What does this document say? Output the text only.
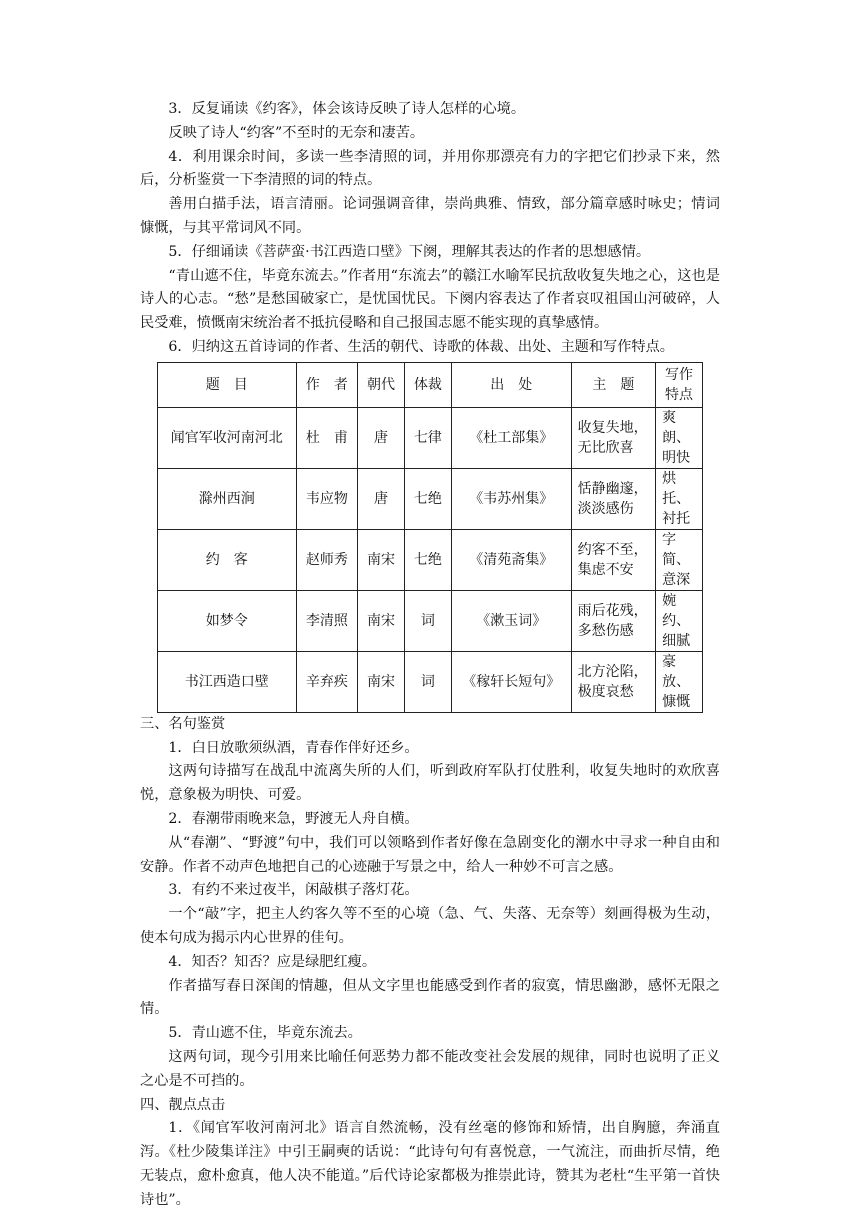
3．反复诵读《约客》，体会该诗反映了诗人怎样的心境。

反映了诗人“约客”不至时的无奈和凄苦。

4．利用课余时间，多读一些李清照的词，并用你那漂亮有力的字把它们抄录下来，然后，分析鉴赏一下李清照的词的特点。

善用白描手法，语言清丽。论词强调音律，崇尚典雅、情致，部分篇章感时咏史；情词慷慨，与其平常词风不同。

5．仔细诵读《菩萨蛮·书江西造口壁》下阕，理解其表达的作者的思想感情。

“青山遮不住，毕竟东流去。”作者用“东流去”的赣江水喻军民抗敌收复失地之心，这也是诗人的心志。“愁”是愁国破家亡，是忧国忧民。下阕内容表达了作者哀叹祖国山河破碎，人民受难，愤慨南宋统治者不抵抗侵略和自己报国志愿不能实现的真挚感情。

6．归纳这五首诗词的作者、生活的朝代、诗歌的体裁、出处、主题和写作特点。

题　目	作　者	朝代	体裁	出　处	主　题	写作特点
闻官军收河南河北	杜　甫	唐	七律	《杜工部集》	收复失地，无比欣喜	爽朗、明快
滁州西涧	韦应物	唐	七绝	《韦苏州集》	恬静幽邃，淡淡感伤	烘托、衬托
约　客	赵师秀	南宋	七绝	《清苑斋集》	约客不至，集虑不安	字简、意深
如梦令	李清照	南宋	词	《漱玉词》	雨后花残，多愁伤感	婉约、细腻
书江西造口壁	辛弃疾	南宋	词	《稼轩长短句》	北方沦陷，极度哀愁	豪放、慷慨

三、名句鉴赏

1．白日放歌须纵酒，青春作伴好还乡。

这两句诗描写在战乱中流离失所的人们，听到政府军队打仗胜利，收复失地时的欢欣喜悦，意象极为明快、可爱。

2．春潮带雨晚来急，野渡无人舟自横。

从“春潮”、“野渡”句中，我们可以领略到作者好像在急剧变化的潮水中寻求一种自由和安静。作者不动声色地把自己的心迹融于写景之中，给人一种妙不可言之感。

3．有约不来过夜半，闲敲棋子落灯花。

一个“敲”字，把主人约客久等不至的心境（急、气、失落、无奈等）刻画得极为生动，使本句成为揭示内心世界的佳句。

4．知否？知否？应是绿肥红瘦。

作者描写春日深闺的情趣，但从文字里也能感受到作者的寂寞，情思幽渺，感怀无限之情。

5．青山遮不住，毕竟东流去。

这两句词，现今引用来比喻任何恶势力都不能改变社会发展的规律，同时也说明了正义之心是不可挡的。

四、靓点点击

1．《闻官军收河南河北》语言自然流畅，没有丝毫的修饰和矫情，出自胸臆，奔涌直泻。《杜少陵集详注》中引王嗣奭的话说：“此诗句句有喜悦意，一气流注，而曲折尽情，绝无装点，愈朴愈真，他人决不能道。”后代诗论家都极为推崇此诗，赞其为老杜“生平第一首快诗也”。
